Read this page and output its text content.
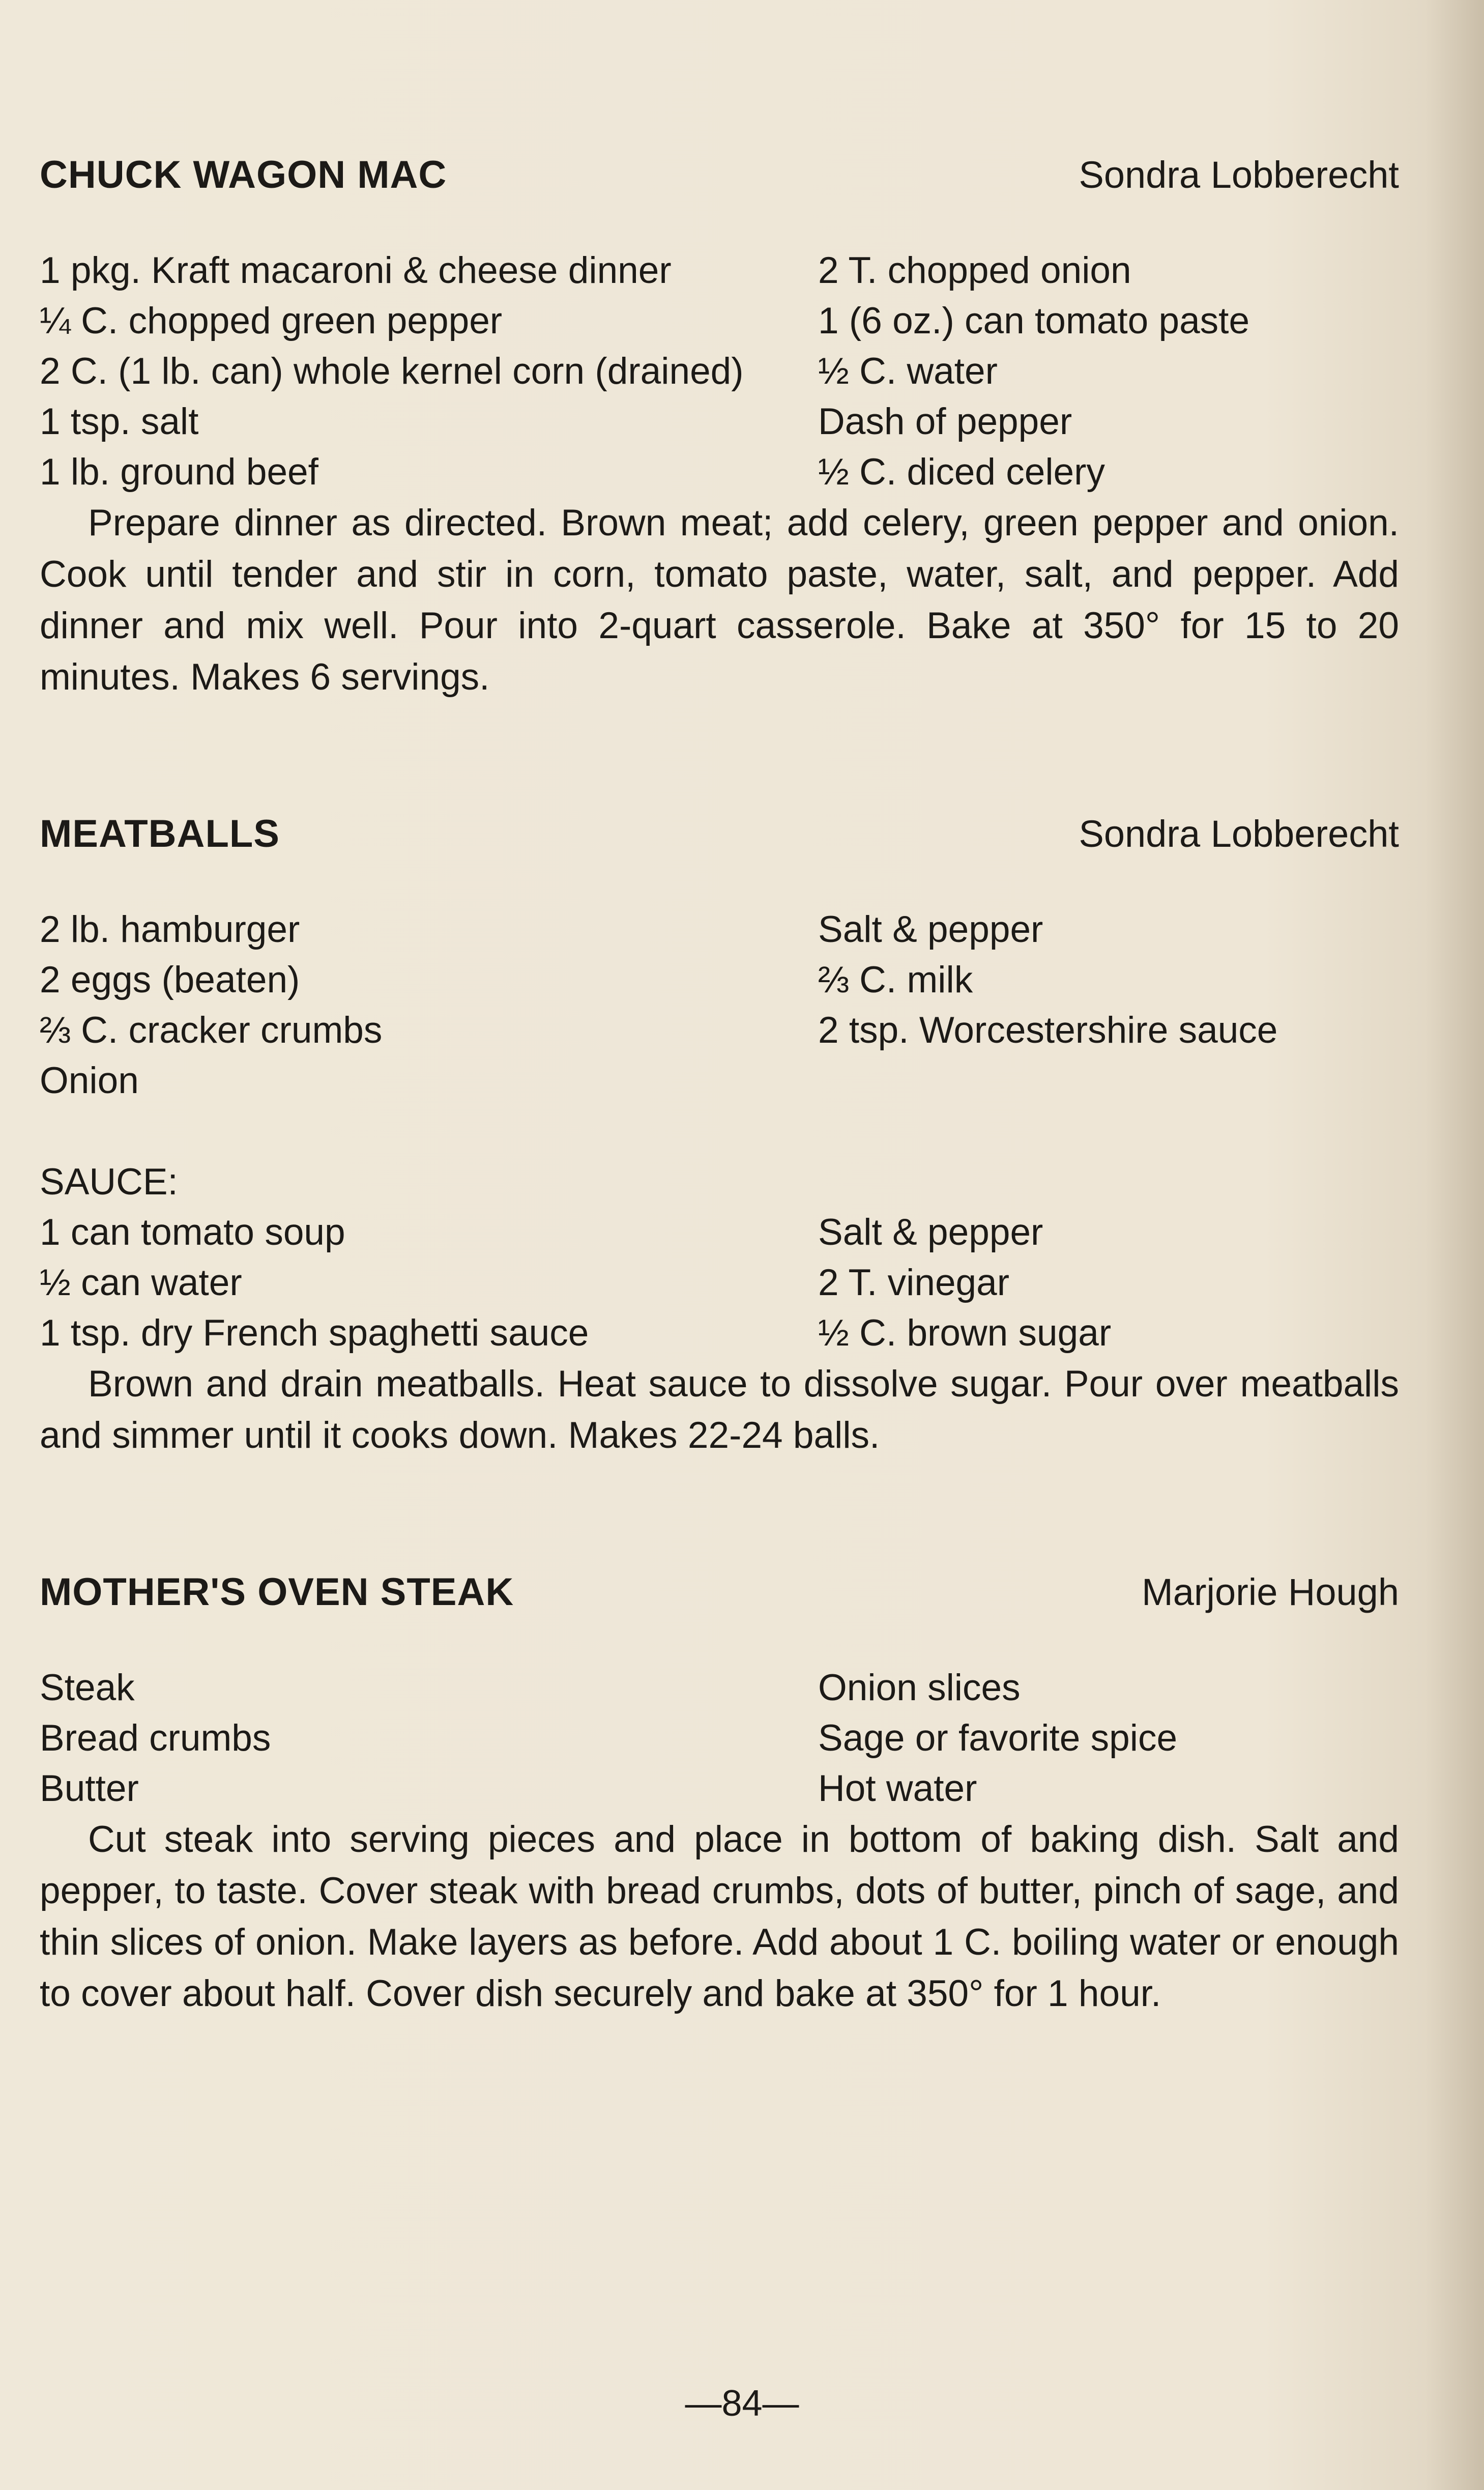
CHUCK WAGON MAC	Sondra Lobberecht
1 pkg. Kraft macaroni & cheese dinner	2 T. chopped onion
¼ C. chopped green pepper	1 (6 oz.) can tomato paste
2 C. (1 lb. can) whole kernel corn (drained)	½ C. water
1 tsp. salt	Dash of pepper
1 lb. ground beef	½ C. diced celery
Prepare dinner as directed. Brown meat; add celery, green pepper and onion. Cook until tender and stir in corn, tomato paste, water, salt, and pepper. Add dinner and mix well. Pour into 2-quart casserole. Bake at 350° for 15 to 20 minutes. Makes 6 servings.
MEATBALLS	Sondra Lobberecht
2 lb. hamburger	Salt & pepper
2 eggs (beaten)	⅔ C. milk
⅔ C. cracker crumbs	2 tsp. Worcestershire sauce
Onion
SAUCE:
1 can tomato soup	Salt & pepper
½ can water	2 T. vinegar
1 tsp. dry French spaghetti sauce	½ C. brown sugar
Brown and drain meatballs. Heat sauce to dissolve sugar. Pour over meatballs and simmer until it cooks down. Makes 22-24 balls.
MOTHER'S OVEN STEAK	Marjorie Hough
Steak	Onion slices
Bread crumbs	Sage or favorite spice
Butter	Hot water
Cut steak into serving pieces and place in bottom of baking dish. Salt and pepper, to taste. Cover steak with bread crumbs, dots of butter, pinch of sage, and thin slices of onion. Make layers as before. Add about 1 C. boiling water or enough to cover about half. Cover dish securely and bake at 350° for 1 hour.
—84—
